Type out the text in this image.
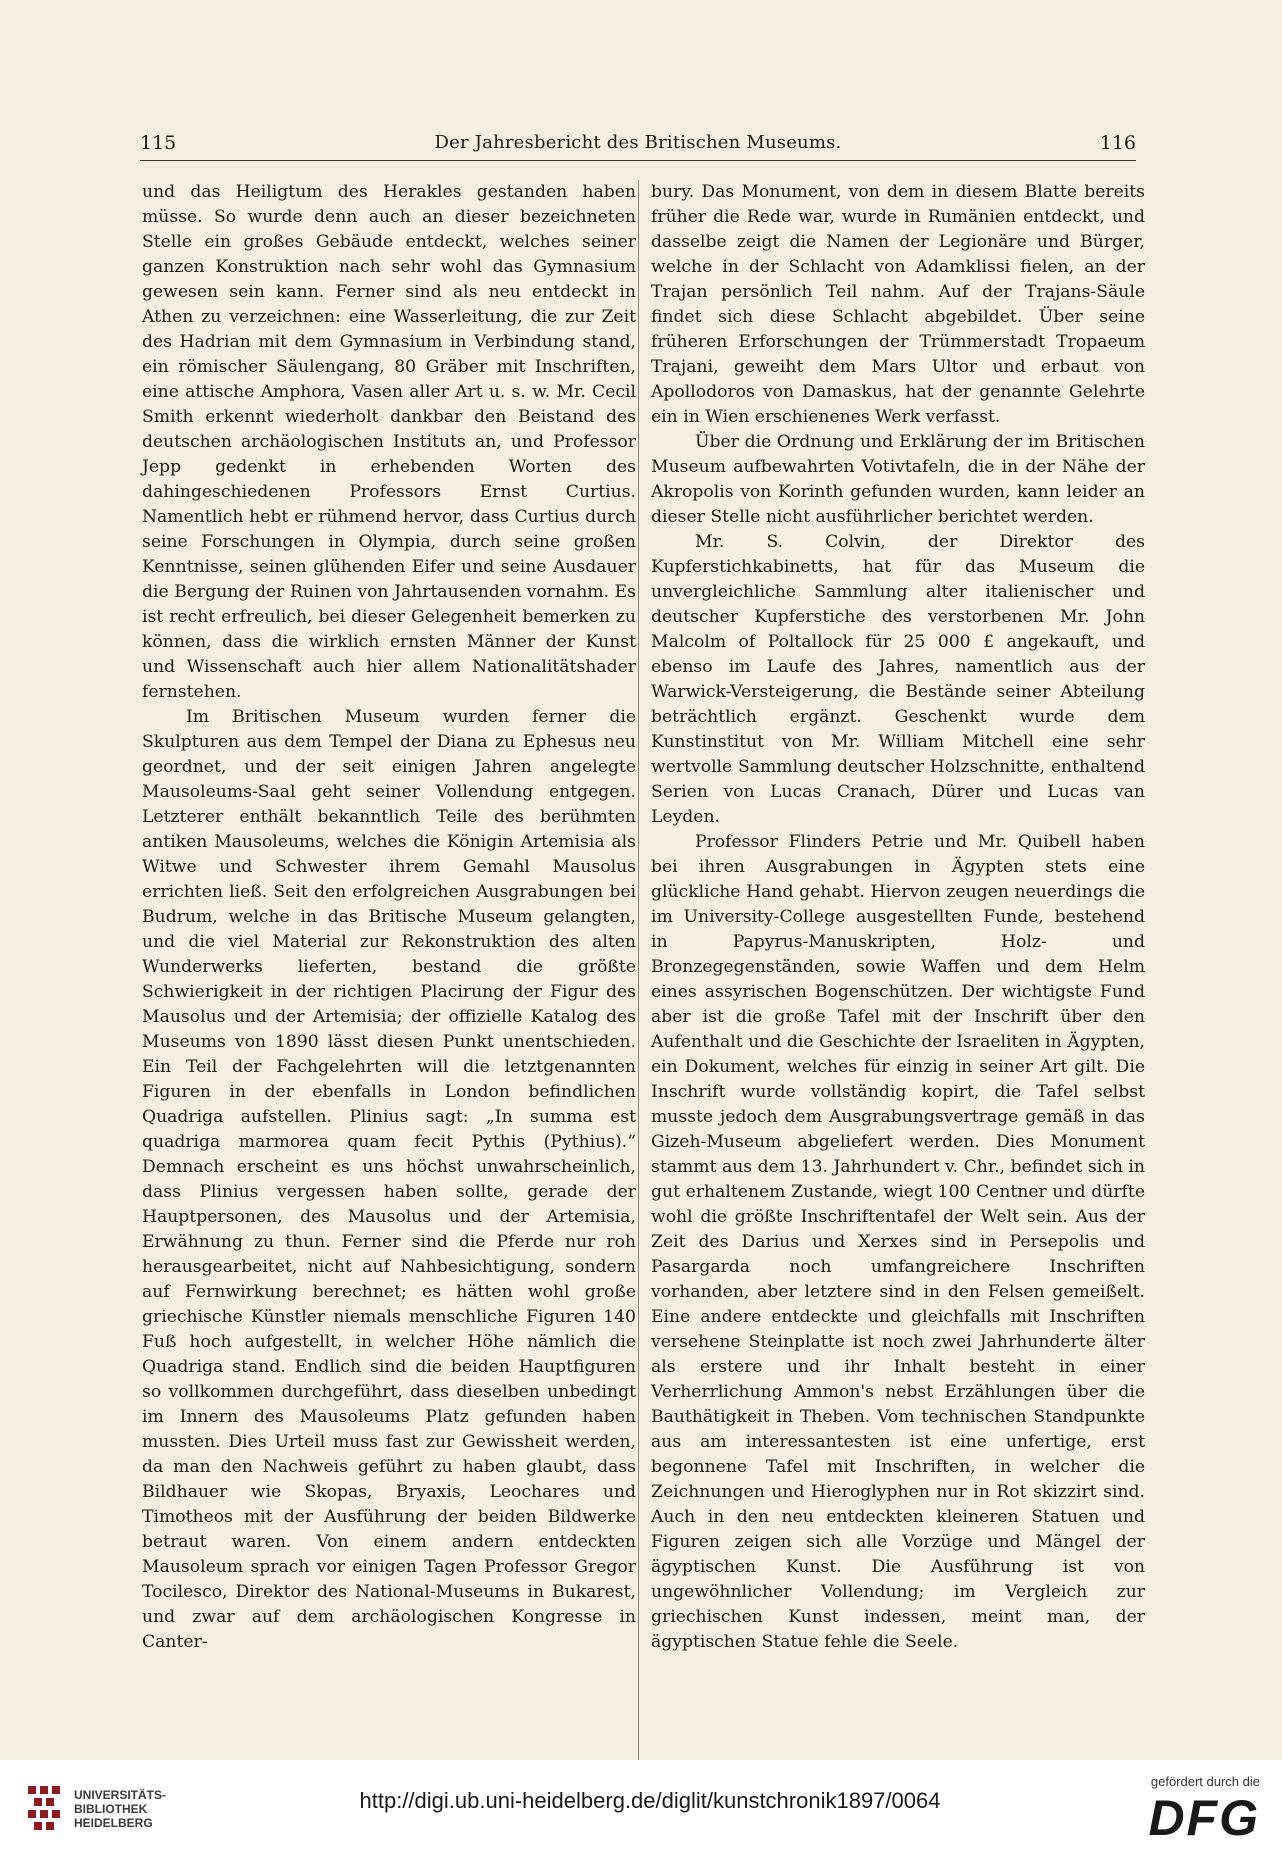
115	Der Jahresbericht des Britischen Museums.	116

und das Heiligtum des Herakles gestanden haben müsse. So wurde denn auch an dieser bezeichneten Stelle ein großes Gebäude entdeckt, welches seiner ganzen Konstruktion nach sehr wohl das Gymnasium gewesen sein kann. Ferner sind als neu entdeckt in Athen zu verzeichnen: eine Wasserleitung, die zur Zeit des Hadrian mit dem Gymnasium in Verbindung stand, ein römischer Säulengang, 80 Gräber mit Inschriften, eine attische Amphora, Vasen aller Art u. s. w. Mr. Cecil Smith erkennt wiederholt dankbar den Beistand des deutschen archäologischen Instituts an, und Professor Jepp gedenkt in erhebenden Worten des dahingeschiedenen Professors Ernst Curtius. Namentlich hebt er rühmend hervor, dass Curtius durch seine Forschungen in Olympia, durch seine großen Kenntnisse, seinen glühenden Eifer und seine Ausdauer die Bergung der Ruinen von Jahrtausenden vornahm. Es ist recht erfreulich, bei dieser Gelegenheit bemerken zu können, dass die wirklich ernsten Männer der Kunst und Wissenschaft auch hier allem Nationalitätshader fernstehen.

Im Britischen Museum wurden ferner die Skulpturen aus dem Tempel der Diana zu Ephesus neu geordnet, und der seit einigen Jahren angelegte Mausoleums-Saal geht seiner Vollendung entgegen. Letzterer enthält bekanntlich Teile des berühmten antiken Mausoleums, welches die Königin Artemisia als Witwe und Schwester ihrem Gemahl Mausolus errichten ließ. Seit den erfolgreichen Ausgrabungen bei Budrum, welche in das Britische Museum gelangten, und die viel Material zur Rekonstruktion des alten Wunderwerks lieferten, bestand die größte Schwierigkeit in der richtigen Placirung der Figur des Mausolus und der Artemisia; der offizielle Katalog des Museums von 1890 lässt diesen Punkt unentschieden. Ein Teil der Fachgelehrten will die letztgenannten Figuren in der ebenfalls in London befindlichen Quadriga aufstellen. Plinius sagt: „In summa est quadriga marmorea quam fecit Pythis (Pythius).“ Demnach erscheint es uns höchst unwahrscheinlich, dass Plinius vergessen haben sollte, gerade der Hauptpersonen, des Mausolus und der Artemisia, Erwähnung zu thun. Ferner sind die Pferde nur roh herausgearbeitet, nicht auf Nahbesichtigung, sondern auf Fernwirkung berechnet; es hätten wohl große griechische Künstler niemals menschliche Figuren 140 Fuß hoch aufgestellt, in welcher Höhe nämlich die Quadriga stand. Endlich sind die beiden Hauptfiguren so vollkommen durchgeführt, dass dieselben unbedingt im Innern des Mausoleums Platz gefunden haben mussten. Dies Urteil muss fast zur Gewissheit werden, da man den Nachweis geführt zu haben glaubt, dass Bildhauer wie Skopas, Bryaxis, Leochares und Timotheos mit der Ausführung der beiden Bildwerke betraut waren. Von einem andern entdeckten Mausoleum sprach vor einigen Tagen Professor Gregor Tocilesco, Direktor des National-Museums in Bukarest, und zwar auf dem archäologischen Kongresse in Canter-

bury. Das Monument, von dem in diesem Blatte bereits früher die Rede war, wurde in Rumänien entdeckt, und dasselbe zeigt die Namen der Legionäre und Bürger, welche in der Schlacht von Adamklissi fielen, an der Trajan persönlich Teil nahm. Auf der Trajans-Säule findet sich diese Schlacht abgebildet. Über seine früheren Erforschungen der Trümmerstadt Tropaeum Trajani, geweiht dem Mars Ultor und erbaut von Apollodoros von Damaskus, hat der genannte Gelehrte ein in Wien erschienenes Werk verfasst.

Über die Ordnung und Erklärung der im Britischen Museum aufbewahrten Votivtafeln, die in der Nähe der Akropolis von Korinth gefunden wurden, kann leider an dieser Stelle nicht ausführlicher berichtet werden.

Mr. S. Colvin, der Direktor des Kupferstichkabinetts, hat für das Museum die unvergleichliche Sammlung alter italienischer und deutscher Kupferstiche des verstorbenen Mr. John Malcolm of Poltallock für 25 000 £ angekauft, und ebenso im Laufe des Jahres, namentlich aus der Warwick-Versteigerung, die Bestände seiner Abteilung beträchtlich ergänzt. Geschenkt wurde dem Kunstinstitut von Mr. William Mitchell eine sehr wertvolle Sammlung deutscher Holzschnitte, enthaltend Serien von Lucas Cranach, Dürer und Lucas van Leyden.

Professor Flinders Petrie und Mr. Quibell haben bei ihren Ausgrabungen in Ägypten stets eine glückliche Hand gehabt. Hiervon zeugen neuerdings die im University-College ausgestellten Funde, bestehend in Papyrus-Manuskripten, Holz- und Bronzegegenständen, sowie Waffen und dem Helm eines assyrischen Bogenschützen. Der wichtigste Fund aber ist die große Tafel mit der Inschrift über den Aufenthalt und die Geschichte der Israeliten in Ägypten, ein Dokument, welches für einzig in seiner Art gilt. Die Inschrift wurde vollständig kopirt, die Tafel selbst musste jedoch dem Ausgrabungsvertrage gemäß in das Gizeh-Museum abgeliefert werden. Dies Monument stammt aus dem 13. Jahrhundert v. Chr., befindet sich in gut erhaltenem Zustande, wiegt 100 Centner und dürfte wohl die größte Inschriftentafel der Welt sein. Aus der Zeit des Darius und Xerxes sind in Persepolis und Pasargarda noch umfangreichere Inschriften vorhanden, aber letztere sind in den Felsen gemeißelt. Eine andere entdeckte und gleichfalls mit Inschriften versehene Steinplatte ist noch zwei Jahrhunderte älter als erstere und ihr Inhalt besteht in einer Verherrlichung Ammon's nebst Erzählungen über die Bauthätigkeit in Theben. Vom technischen Standpunkte aus am interessantesten ist eine unfertige, erst begonnene Tafel mit Inschriften, in welcher die Zeichnungen und Hieroglyphen nur in Rot skizzirt sind. Auch in den neu entdeckten kleineren Statuen und Figuren zeigen sich alle Vorzüge und Mängel der ägyptischen Kunst. Die Ausführung ist von ungewöhnlicher Vollendung; im Vergleich zur griechischen Kunst indessen, meint man, der ägyptischen Statue fehle die Seele.

UNIVERSITÄTS-
BIBLIOTHEK
HEIDELBERG
http://digi.ub.uni-heidelberg.de/diglit/kunstchronik1897/0064
gefördert durch die
DFG
